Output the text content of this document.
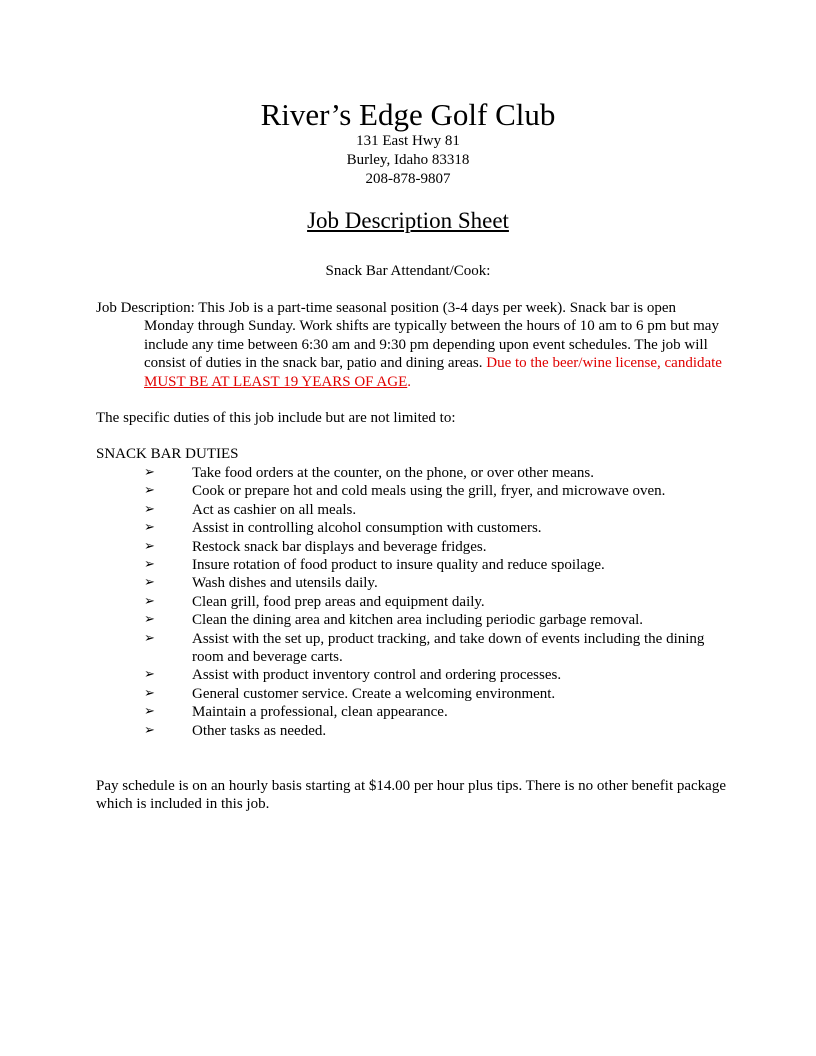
River’s Edge Golf Club
131 East Hwy 81
Burley, Idaho 83318
208-878-9807
Job Description Sheet
Snack Bar Attendant/Cook:

Job Description: This Job is a part-time seasonal position (3-4 days per week). Snack bar is open Monday through Sunday. Work shifts are typically between the hours of 10 am to 6 pm but may include any time between 6:30 am and 9:30 pm depending upon event schedules. The job will consist of duties in the snack bar, patio and dining areas. Due to the beer/wine license, candidate MUST BE AT LEAST 19 YEARS OF AGE.

The specific duties of this job include but are not limited to:
SNACK BAR DUTIES
➢ Take food orders at the counter, on the phone, or over other means.
➢ Cook or prepare hot and cold meals using the grill, fryer, and microwave oven.
➢ Act as cashier on all meals.
➢ Assist in controlling alcohol consumption with customers.
➢ Restock snack bar displays and beverage fridges.
➢ Insure rotation of food product to insure quality and reduce spoilage.
➢ Wash dishes and utensils daily.
➢ Clean grill, food prep areas and equipment daily.
➢ Clean the dining area and kitchen area including periodic garbage removal.
➢ Assist with the set up, product tracking, and take down of events including the dining room and beverage carts.
➢ Assist with product inventory control and ordering processes.
➢ General customer service. Create a welcoming environment.
➢ Maintain a professional, clean appearance.
➢ Other tasks as needed.

Pay schedule is on an hourly basis starting at $14.00 per hour plus tips. There is no other benefit package which is included in this job.
